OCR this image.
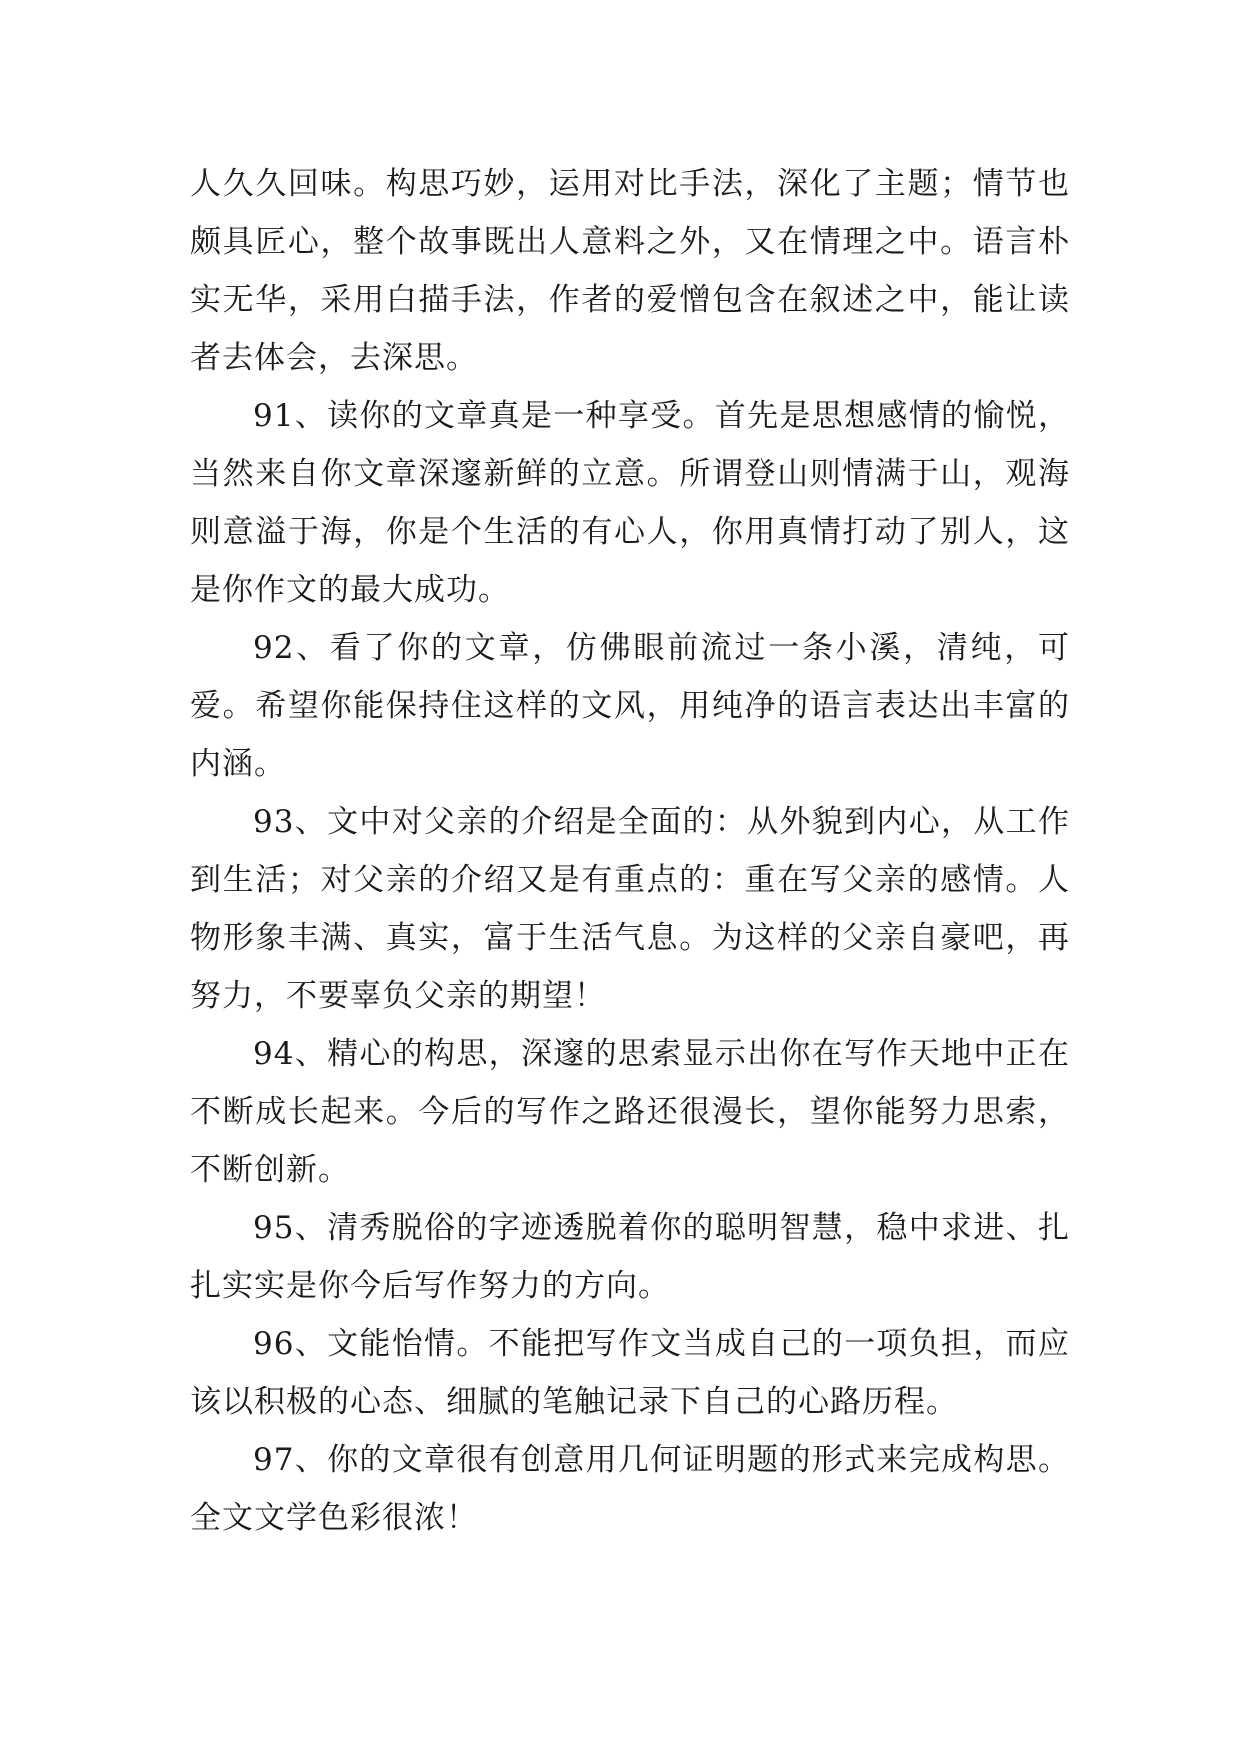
人久久回味。构思巧妙，运用对比手法，深化了主题；情节也颇具匠心，整个故事既出人意料之外，又在情理之中。语言朴实无华，采用白描手法，作者的爱憎包含在叙述之中，能让读者去体会，去深思。

91、读你的文章真是一种享受。首先是思想感情的愉悦，当然来自你文章深邃新鲜的立意。所谓登山则情满于山，观海则意溢于海，你是个生活的有心人，你用真情打动了别人，这是你作文的最大成功。

92、看了你的文章，仿佛眼前流过一条小溪，清纯，可爱。希望你能保持住这样的文风，用纯净的语言表达出丰富的内涵。

93、文中对父亲的介绍是全面的：从外貌到内心，从工作到生活；对父亲的介绍又是有重点的：重在写父亲的感情。人物形象丰满、真实，富于生活气息。为这样的父亲自豪吧，再努力，不要辜负父亲的期望！

94、精心的构思，深邃的思索显示出你在写作天地中正在不断成长起来。今后的写作之路还很漫长，望你能努力思索，不断创新。

95、清秀脱俗的字迹透脱着你的聪明智慧，稳中求进、扎扎实实是你今后写作努力的方向。

96、文能怡情。不能把写作文当成自己的一项负担，而应该以积极的心态、细腻的笔触记录下自己的心路历程。

97、你的文章很有创意用几何证明题的形式来完成构思。全文文学色彩很浓！
